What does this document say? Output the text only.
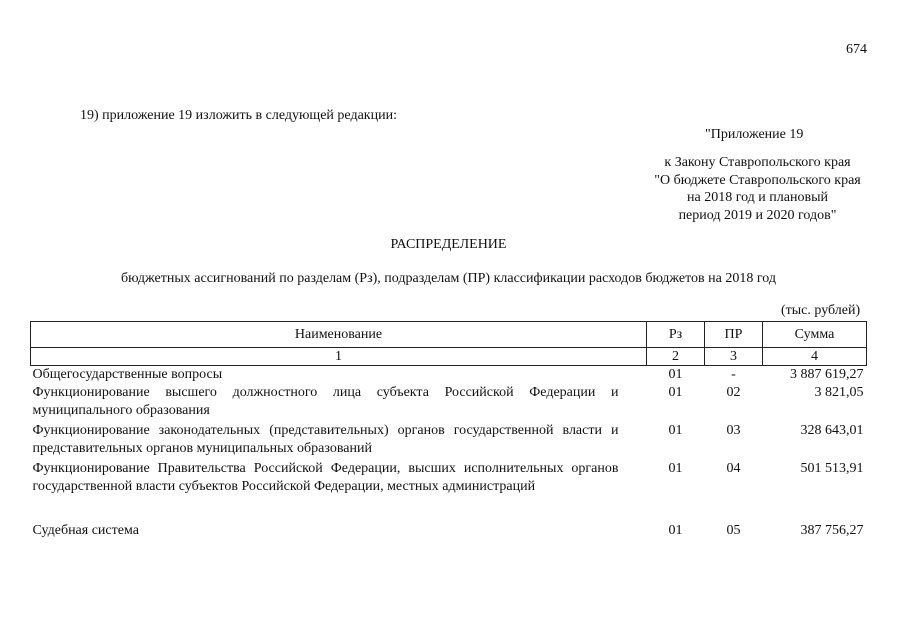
674
19) приложение 19 изложить в следующей редакции:
"Приложение 19
к Закону Ставропольского края
"О бюджете Ставропольского края
на 2018 год и плановый
период 2019 и 2020 годов"
РАСПРЕДЕЛЕНИЕ
бюджетных ассигнований по разделам (Рз), подразделам (ПР) классификации расходов бюджетов на 2018 год
(тыс. рублей)
Наименование	Рз	ПР	Сумма
1	2	3	4
Общегосударственные вопросы	01	-	3 887 619,27
Функционирование высшего должностного лица субъекта Российской Федерации и муниципального образования	01	02	3 821,05
Функционирование законодательных (представительных) органов государственной власти и представительных органов муниципальных образований	01	03	328 643,01
Функционирование Правительства Российской Федерации, высших исполнительных органов государственной власти субъектов Российской Федерации, местных администраций	01	04	501 513,91
Судебная система	01	05	387 756,27
